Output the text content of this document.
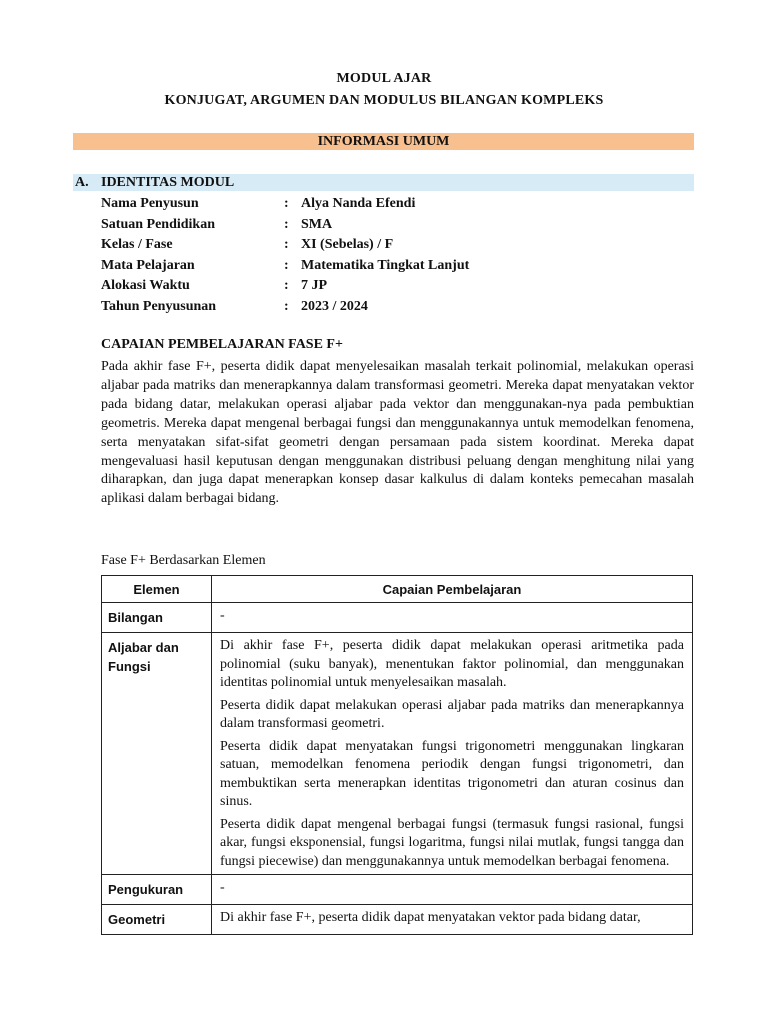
MODUL AJAR
KONJUGAT, ARGUMEN DAN MODULUS BILANGAN KOMPLEKS
INFORMASI UMUM
A. IDENTITAS MODUL
Nama Penyusun	: Alya Nanda Efendi
Satuan Pendidikan	: SMA
Kelas / Fase	: XI (Sebelas) / F
Mata Pelajaran	: Matematika Tingkat Lanjut
Alokasi Waktu	: 7 JP
Tahun Penyusunan	: 2023 / 2024
CAPAIAN PEMBELAJARAN FASE F+
Pada akhir fase F+, peserta didik dapat menyelesaikan masalah terkait polinomial, melakukan operasi aljabar pada matriks dan menerapkannya dalam transformasi geometri. Mereka dapat menyatakan vektor pada bidang datar, melakukan operasi aljabar pada vektor dan menggunakan-nya pada pembuktian geometris. Mereka dapat mengenal berbagai fungsi dan menggunakannya untuk memodelkan fenomena, serta menyatakan sifat-sifat geometri dengan persamaan pada sistem koordinat. Mereka dapat mengevaluasi hasil keputusan dengan menggunakan distribusi peluang dengan menghitung nilai yang diharapkan, dan juga dapat menerapkan konsep dasar kalkulus di dalam konteks pemecahan masalah aplikasi dalam berbagai bidang.
Fase F+ Berdasarkan Elemen
Elemen	Capaian Pembelajaran
Bilangan	-

Aljabar dan Fungsi	Di akhir fase F+, peserta didik dapat melakukan operasi aritmetika pada polinomial (suku banyak), menentukan faktor polinomial, dan menggunakan identitas polinomial untuk menyelesaikan masalah.

Peserta didik dapat melakukan operasi aljabar pada matriks dan menerapkannya dalam transformasi geometri.

Peserta didik dapat menyatakan fungsi trigonometri menggunakan lingkaran satuan, memodelkan fenomena periodik dengan fungsi trigonometri, dan membuktikan serta menerapkan identitas trigonometri dan aturan cosinus dan sinus.

Peserta didik dapat mengenal berbagai fungsi (termasuk fungsi rasional, fungsi akar, fungsi eksponensial, fungsi logaritma, fungsi nilai mutlak, fungsi tangga dan fungsi piecewise) dan menggunakannya untuk memodelkan berbagai fenomena.

Pengukuran	-

Geometri	Di akhir fase F+, peserta didik dapat menyatakan vektor pada bidang datar,
